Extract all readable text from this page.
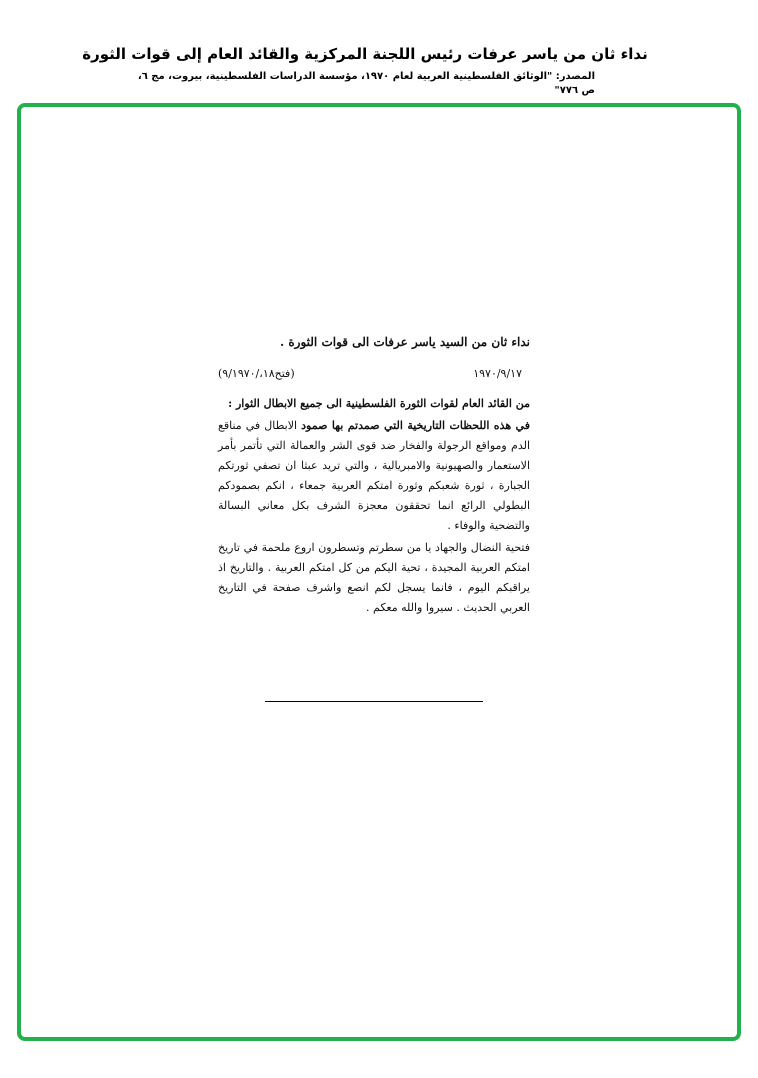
نداء ثان من ياسر عرفات رئيس اللجنة المركزية والقائد العام إلى قوات الثورة
المصدر: "الوثائق الفلسطينية العربية لعام ١٩٧٠، مؤسسة الدراسات الفلسطينية، بيروت، مج ٦، ص ٧٧٦"
نداء ثان من السيد ياسر عرفات الى قوات الثورة .
١٩٧٠/٩/١٧
(فتح١٨،/٩/١٩٧٠)

من القائد العام لقوات الثورة الفلسطينية الى جميع الابطال الثوار :

في هذه اللحظات التاريخية التي صمدتم بها صمود الابطال في مناقع الدم ومواقع الرجولة والفخار ضد قوى الشر والعمالة التي تأتمر بأمر الاستعمار والصهيونية والامبريالية ، والتي تريد عبثا ان تصفي ثورتكم الجبارة ، ثورة شعبكم وثورة امتكم العربية جمعاء ، انكم بصمودكم البطولي الرائع انما تحققون معجزة الشرف بكل معاني البسالة والتضحية والوفاء .

فتحية النضال والجهاد يا من سطرتم وتسطرون اروع ملحمة في تاريخ امتكم العربية المجيدة ، تحية اليكم من كل امتكم العربية . والتاريخ اذ يراقبكم اليوم ، فانما يسجل لكم انصع واشرف صفحة في التاريخ العربي الحديث . سيروا والله معكم .
